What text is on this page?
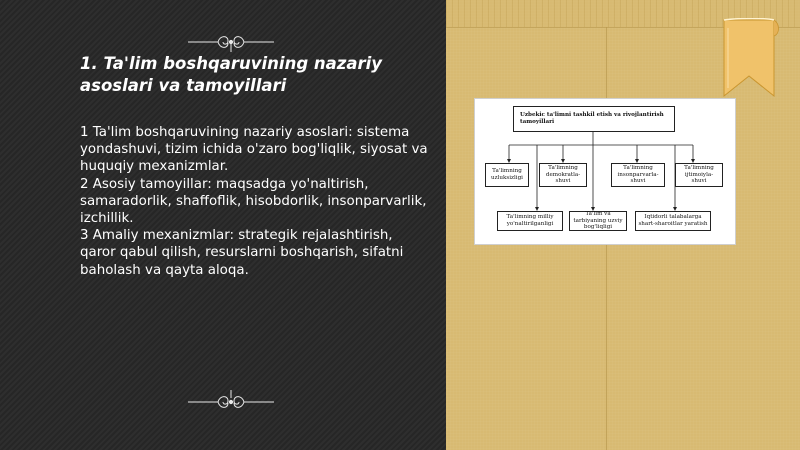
1. Ta'lim boshqaruvining nazariy asoslari va tamoyillari

1 Ta'lim boshqaruvining nazariy asoslari: sistema yondashuvi, tizim ichida o'zaro bog'liqlik, siyosat va huquqiy mexanizmlar.

2 Asosiy tamoyillar: maqsadga yo'naltirish, samaradorlik, shaffoflik, hisobdorlik, insonparvarlik, izchillik.

3 Amaliy mexanizmlar: strategik rejalashtirish, qaror qabul qilish, resurslarni boshqarish, sifatni baholash va qayta aloqa.

Uzbekic ta'limni tashkil etish va rivojlantirish tamoyillari
Ta'limning uzluksizligi
Ta'limning demokratla-shuvi
Ta'limning insonparvarla-shuvi
Ta'limning ijtimoiyla-shuvi
Ta'limning milliy yo'naltirilganligi
Ta'lim va tarbiyaning uzviy bog'liqligi
Iqtidorli talabalarga shart-sharoitlar yaratish
